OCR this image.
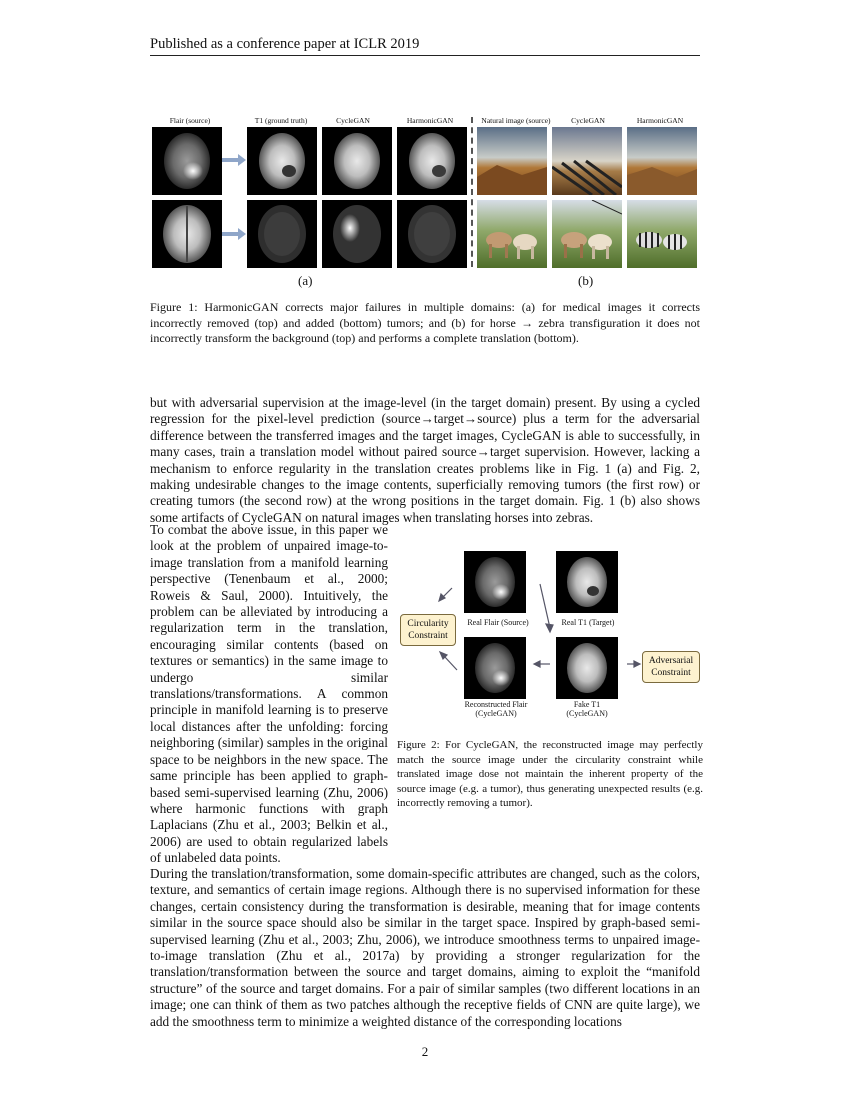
Published as a conference paper at ICLR 2019
Flair (source)	T1 (ground truth)	CycleGAN	HarmonicGAN	Natural image (source)	CycleGAN	HarmonicGAN
(a)	(b)
Figure 1: HarmonicGAN corrects major failures in multiple domains: (a) for medical images it corrects incorrectly removed (top) and added (bottom) tumors; and (b) for horse → zebra transfiguration it does not incorrectly transform the background (top) and performs a complete translation (bottom).
but with adversarial supervision at the image-level (in the target domain) present. By using a cycled regression for the pixel-level prediction (source→target→source) plus a term for the adversarial difference between the transferred images and the target images, CycleGAN is able to successfully, in many cases, train a translation model without paired source→target supervision. However, lacking a mechanism to enforce regularity in the translation creates problems like in Fig. 1 (a) and Fig. 2, making undesirable changes to the image contents, superficially removing tumors (the first row) or creating tumors (the second row) at the wrong positions in the target domain. Fig. 1 (b) also shows some artifacts of CycleGAN on natural images when translating horses into zebras.
To combat the above issue, in this paper we look at the problem of unpaired image-to-image translation from a manifold learning perspective (Tenenbaum et al., 2000; Roweis & Saul, 2000). Intuitively, the problem can be alleviated by introducing a regularization term in the translation, encouraging similar contents (based on textures or semantics) in the same image to undergo similar translations/transformations. A common principle in manifold learning is to preserve local distances after the unfolding: forcing neighboring (similar) samples in the original space to be neighbors in the new space. The same principle has been applied to graph-based semi-supervised learning (Zhu, 2006) where harmonic functions with graph Laplacians (Zhu et al., 2003; Belkin et al., 2006) are used to obtain regularized labels of unlabeled data points.
Real Flair (Source)	Real T1 (Target)
Reconstructed Flair (CycleGAN)
Fake T1 (CycleGAN)
Circularity Constraint
Adversarial Constraint
Figure 2: For CycleGAN, the reconstructed image may perfectly match the source image under the circularity constraint while translated image dose not maintain the inherent property of the source image (e.g. a tumor), thus generating unexpected results (e.g. incorrectly removing a tumor).
During the translation/transformation, some domain-specific attributes are changed, such as the colors, texture, and semantics of certain image regions. Although there is no supervised information for these changes, certain consistency during the transformation is desirable, meaning that for image contents similar in the source space should also be similar in the target space. Inspired by graph-based semi-supervised learning (Zhu et al., 2003; Zhu, 2006), we introduce smoothness terms to unpaired image-to-image translation (Zhu et al., 2017a) by providing a stronger regularization for the translation/transformation between the source and target domains, aiming to exploit the “manifold structure” of the source and target domains. For a pair of similar samples (two different locations in an image; one can think of them as two patches although the receptive fields of CNN are quite large), we add the smoothness term to minimize a weighted distance of the corresponding locations
2
